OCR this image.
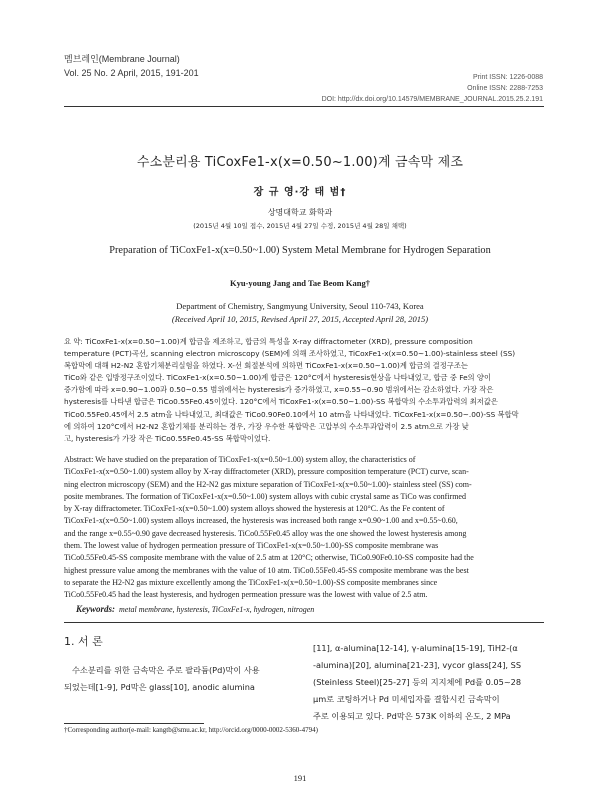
멤브레인(Membrane Journal)
Vol. 25 No. 2 April, 2015, 191-201	Print ISSN: 1226-0088
Online ISSN: 2288-7253
DOI: http://dx.doi.org/10.14579/MEMBRANE_JOURNAL.2015.25.2.191
수소분리용 TiCoxFe1-x(x=0.50~1.00)계 금속막 제조
장 규 영·강 태 범†
상명대학교 화학과
(2015년 4월 10일 접수, 2015년 4월 27일 수정, 2015년 4월 28일 채택)
Preparation of TiCoxFe1-x(x=0.50~1.00) System Metal Membrane for Hydrogen Separation
Kyu-young Jang and Tae Beom Kang†
Department of Chemistry, Sangmyung University, Seoul 110-743, Korea
(Received April 10, 2015, Revised April 27, 2015, Accepted April 28, 2015)
요 약: TiCoxFe1-x(x=0.50~1.00)계 합금을 제조하고, 합금의 특성을 X-ray diffractometer (XRD), pressure composition
temperature (PCT)곡선, scanning electron microscopy (SEM)에 의해 조사하였고, TiCoxFe1-x(x=0.50~1.00)-stainless steel (SS)
복합막에 대해 H2-N2 혼합기체분리실험을 하였다. X-선 회절분석에 의하면 TiCoxFe1-x(x=0.50~1.00)계 합금의 결정구조는
TiCo와 같은 입방정구조이었다. TiCoxFe1-x(x=0.50~1.00)계 합금은 120°C에서 hysteresis현상을 나타내었고, 합금 중 Fe의 양이
증가함에 따라 x=0.90~1.00과 0.50~0.55 범위에서는 hysteresis가 증가하였고, x=0.55~0.90 범위에서는 감소하였다. 가장 작은
hysteresis를 나타낸 합금은 TiCo0.55Fe0.45이었다. 120°C에서 TiCoxFe1-x(x=0.50~1.00)-SS 복합막의 수소투과압력의 최저값은
TiCo0.55Fe0.45에서 2.5 atm을 나타내었고, 최대값은 TiCo0.90Fe0.10에서 10 atm을 나타내었다. TiCoxFe1-x(x=0.50~.00)-SS 복합막
에 의하여 120°C에서 H2-N2 혼합기체를 분리하는 경우, 가장 우수한 복합막은 고압부의 수소투과압력이 2.5 atm으로 가장 낮
고, hysteresis가 가장 작은 TiCo0.55Fe0.45-SS 복합막이었다.
Abstract: We have studied on the preparation of TiCoxFe1-x(x=0.50~1.00) system alloy, the characteristics of
TiCoxFe1-x(x=0.50~1.00) system alloy by X-ray diffractometer (XRD), pressure composition temperature (PCT) curve, scan-
ning electron microscopy (SEM) and the H2-N2 gas mixture separation of TiCoxFe1-x(x=0.50~1.00)- stainless steel (SS) com-
posite membranes. The formation of TiCoxFe1-x(x=0.50~1.00) system alloys with cubic crystal same as TiCo was confirmed
by X-ray diffractometer. TiCoxFe1-x(x=0.50~1.00) system alloys showed the hysteresis at 120°C. As the Fe content of
TiCoxFe1-x(x=0.50~1.00) system alloys increased, the hysteresis was increased both range x=0.90~1.00 and x=0.55~0.60,
and the range x=0.55~0.90 gave decreased hysteresis. TiCo0.55Fe0.45 alloy was the one showed the lowest hysteresis among
them. The lowest value of hydrogen permeation pressure of TiCoxFe1-x(x=0.50~1.00)-SS composite membrane was
TiCo0.55Fe0.45-SS composite membrane with the value of 2.5 atm at 120°C; otherwise, TiCo0.90Fe0.10-SS composite had the
highest pressure value among the membranes with the value of 10 atm. TiCo0.55Fe0.45-SS composite membrane was the best
to separate the H2-N2 gas mixture excellently among the TiCoxFe1-x(x=0.50~1.00)-SS composite membranes since
TiCo0.55Fe0.45 had the least hysteresis, and hydrogen permeation pressure was the lowest with value of 2.5 atm.
Keywords: metal membrane, hysteresis, TiCoxFe1-x, hydrogen, nitrogen
1. 서 론
수소분리를 위한 금속막은 주로 팔라듐(Pd)막이 사용
되었는데[1-9], Pd막은 glass[10], anodic alumina
[11], α-alumina[12-14], γ-alumina[15-19], TiH2-(α
-alumina)[20], alumina[21-23], vycor glass[24], SS
(Steinless Steel)[25-27] 등의 지지체에 Pd를 0.05~28
μm로 코팅하거나 Pd 미세입자를 결합시킨 금속막이
주로 이용되고 있다. Pd막은 573K 이하의 온도, 2 MPa
†Corresponding author(e-mail: kangtb@smu.ac.kr, http://orcid.org/0000-0002-5360-4794)
191
